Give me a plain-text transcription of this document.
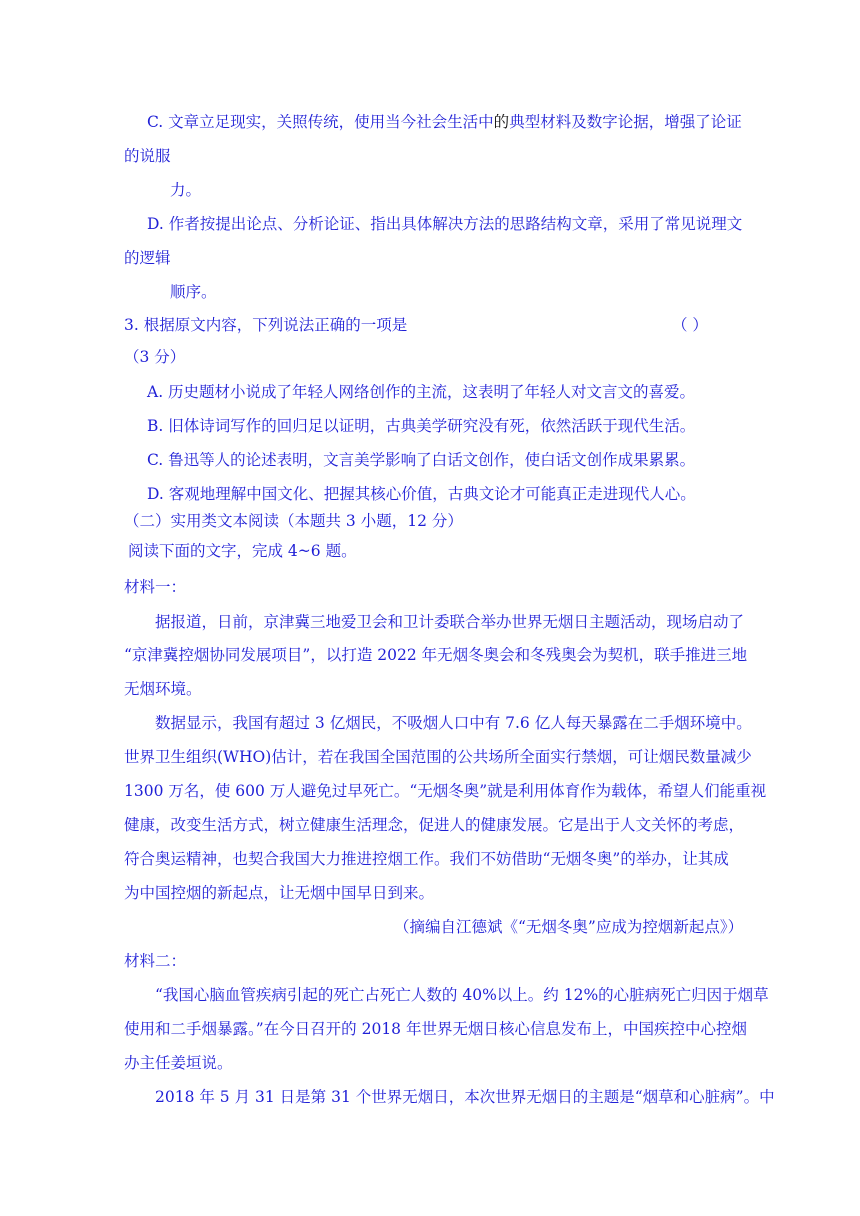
C. 文章立足现实，关照传统，使用当今社会生活中的典型材料及数字论据，增强了论证
的说服
力。
D. 作者按提出论点、分析论证、指出具体解决方法的思路结构文章，采用了常见说理文
的逻辑
顺序。
3. 根据原文内容，下列说法正确的一项是	（ ）
（3 分）
A. 历史题材小说成了年轻人网络创作的主流，这表明了年轻人对文言文的喜爱。
B. 旧体诗词写作的回归足以证明，古典美学研究没有死，依然活跃于现代生活。
C. 鲁迅等人的论述表明，文言美学影响了白话文创作，使白话文创作成果累累。
D. 客观地理解中国文化、把握其核心价值，古典文论才可能真正走进现代人心。
（二）实用类文本阅读（本题共 3 小题，12 分）
阅读下面的文字，完成 4~6 题。
材料一：
据报道，日前，京津冀三地爱卫会和卫计委联合举办世界无烟日主题活动，现场启动了
“京津冀控烟协同发展项目”，以打造 2022 年无烟冬奥会和冬残奥会为契机，联手推进三地
无烟环境。
数据显示，我国有超过 3 亿烟民，不吸烟人口中有 7.6 亿人每天暴露在二手烟环境中。
世界卫生组织(WHO)估计，若在我国全国范围的公共场所全面实行禁烟，可让烟民数量减少
1300 万名，使 600 万人避免过早死亡。“无烟冬奥”就是利用体育作为载体，希望人们能重视
健康，改变生活方式，树立健康生活理念，促进人的健康发展。它是出于人文关怀的考虑，
符合奥运精神，也契合我国大力推进控烟工作。我们不妨借助“无烟冬奥”的举办，让其成
为中国控烟的新起点，让无烟中国早日到来。
（摘编自江德斌《“无烟冬奥”应成为控烟新起点》）
材料二：
“我国心脑血管疾病引起的死亡占死亡人数的 40%以上。约 12%的心脏病死亡归因于烟草
使用和二手烟暴露。”在今日召开的 2018 年世界无烟日核心信息发布上，中国疾控中心控烟
办主任姜垣说。
2018 年 5 月 31 日是第 31 个世界无烟日，本次世界无烟日的主题是“烟草和心脏病”。中
